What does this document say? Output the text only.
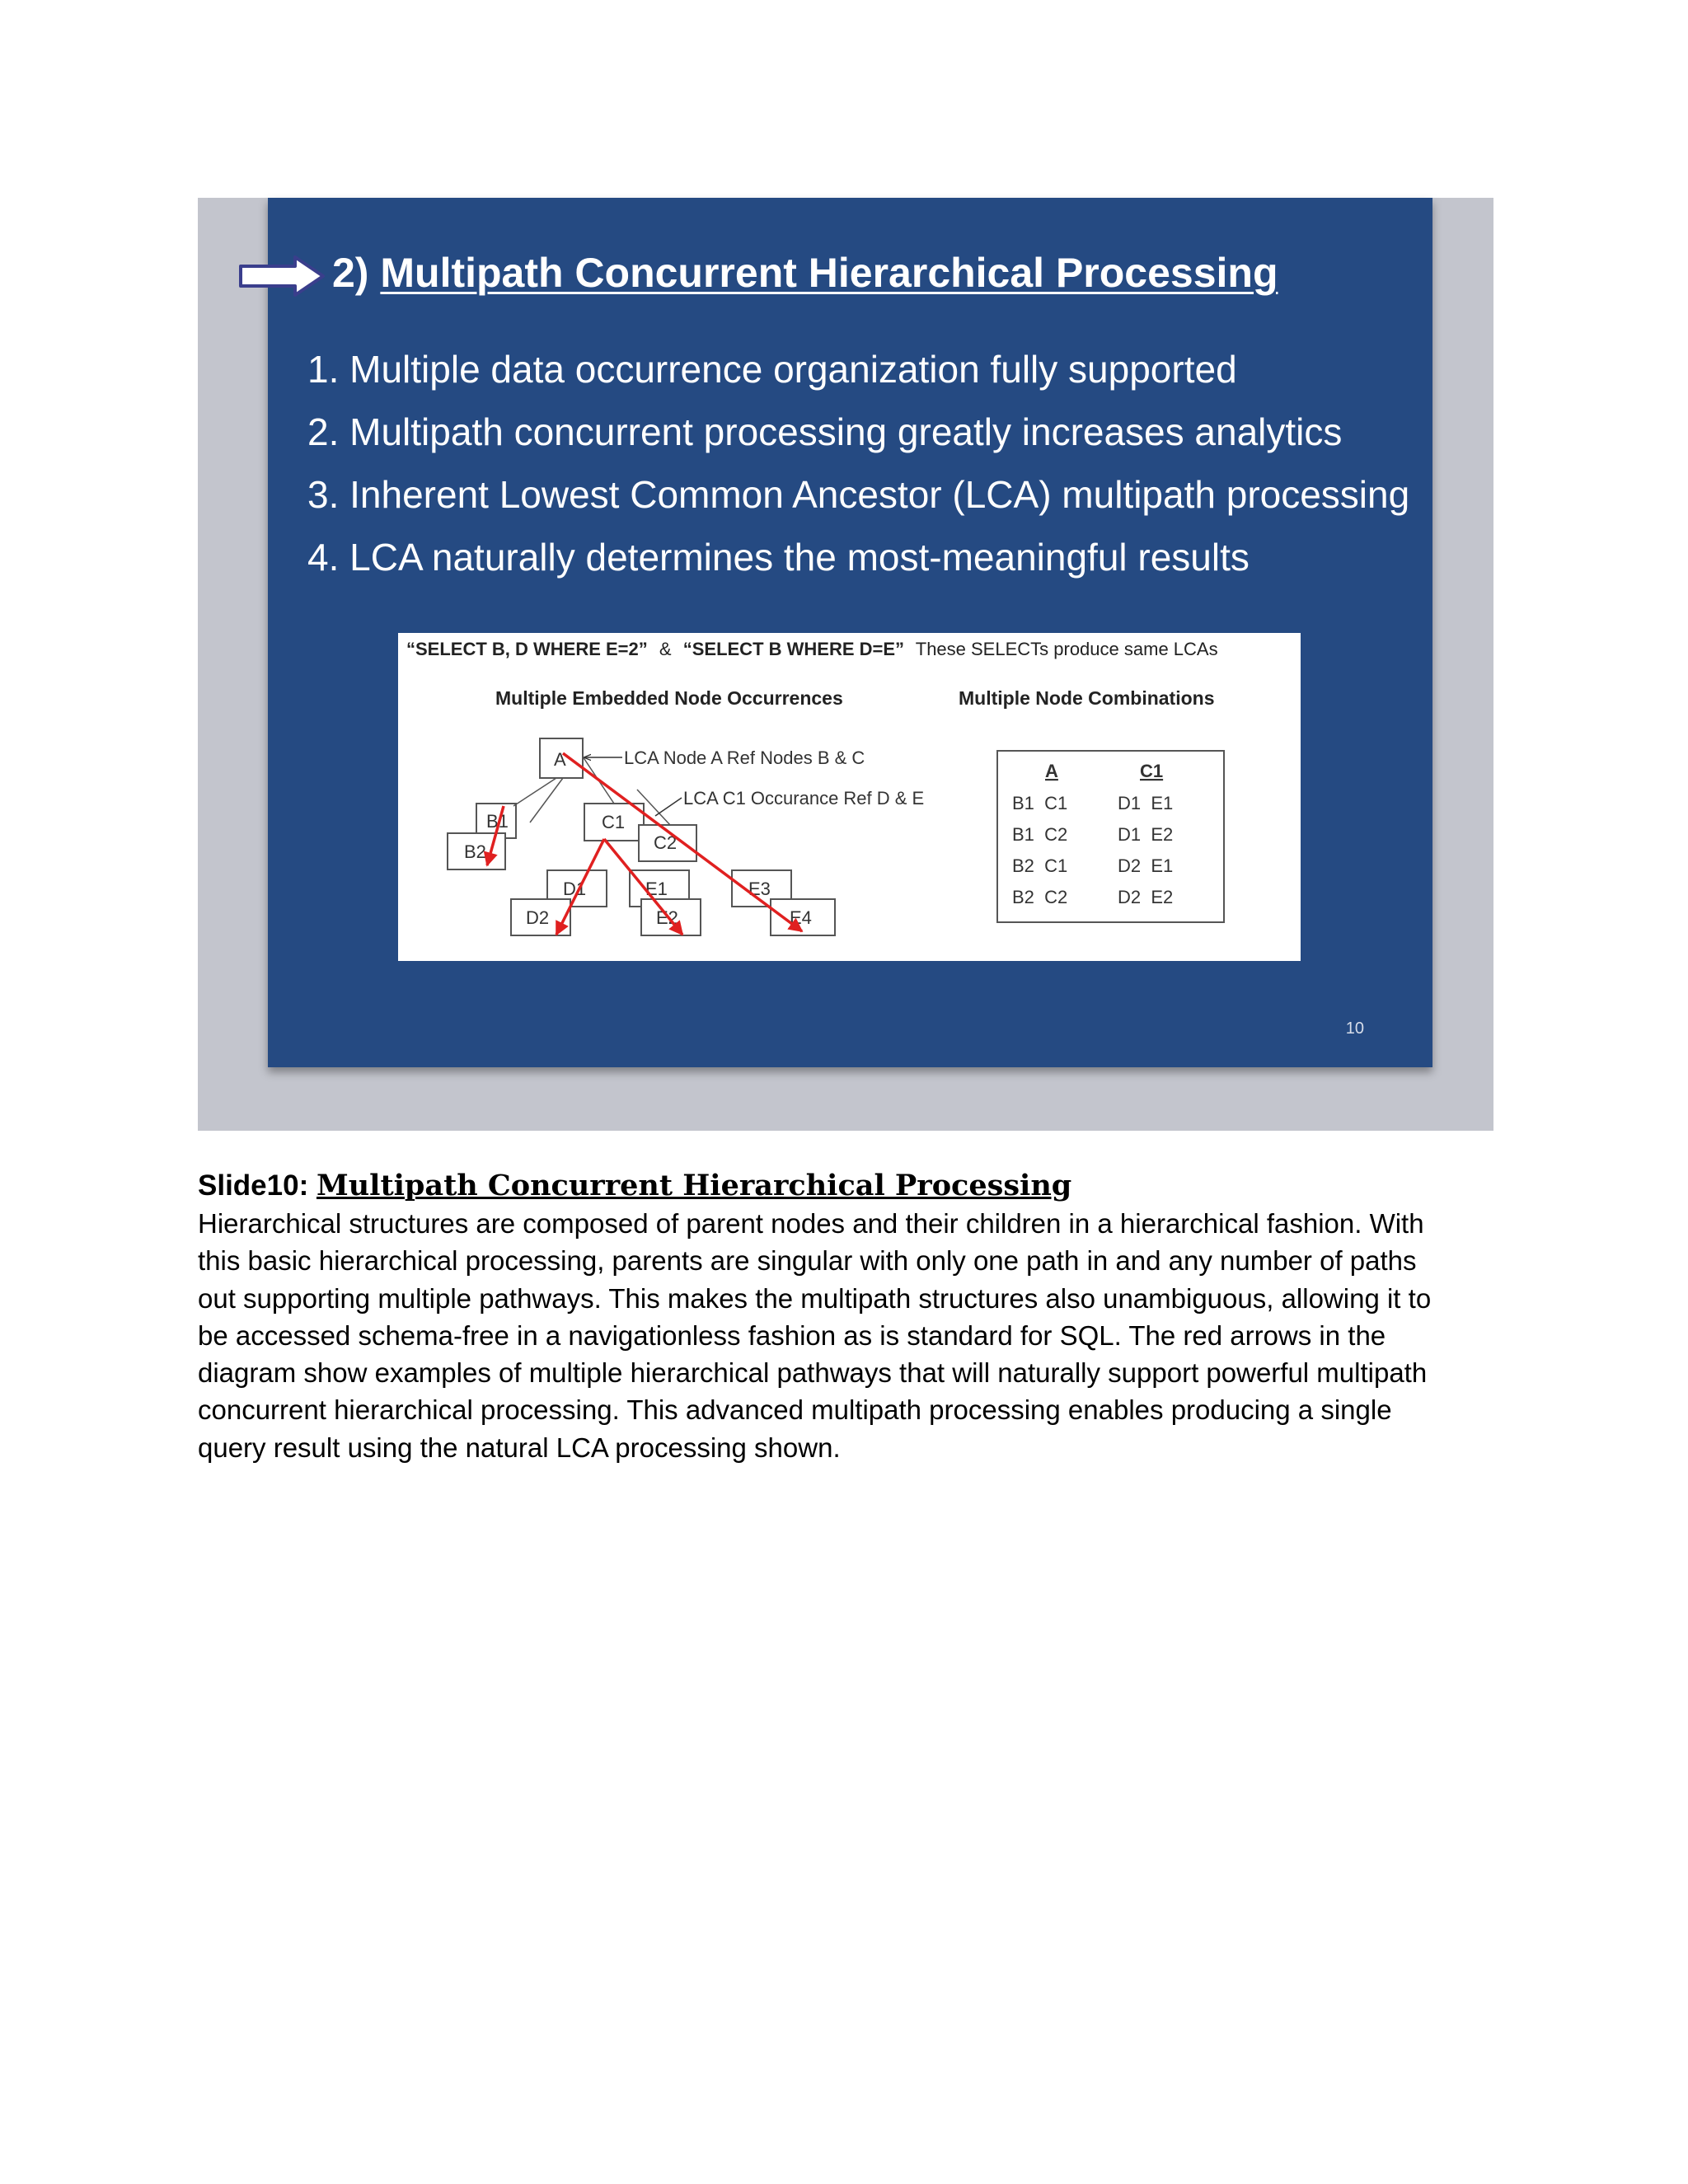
2) Multipath Concurrent Hierarchical Processing
1. Multiple data occurrence organization fully supported
2. Multipath concurrent processing greatly increases analytics
3. Inherent Lowest Common Ancestor (LCA) multipath processing
4. LCA naturally determines the most-meaningful results
“SELECT B, D WHERE E=2” & “SELECT B WHERE D=E” These SELECTs produce same LCAs
Multiple Embedded Node Occurrences	Multiple Node Combinations
A
B1
B2
C1
C2
D1
D2
E1
E2
E3
E4
LCA Node A Ref Nodes B & C
LCA C1 Occurance Ref D & E
A	C1
B1  C1	D1  E1
B1  C2	D1  E2
B2  C1	D2  E1
B2  C2	D2  E2
10
Slide10: Multipath Concurrent Hierarchical Processing
Hierarchical structures are composed of parent nodes and their children in a hierarchical fashion. With
this basic hierarchical processing, parents are singular with only one path in and any number of paths
out supporting multiple pathways. This makes the multipath structures also unambiguous, allowing it to
be accessed schema-free in a navigationless fashion as is standard for SQL. The red arrows in the
diagram show examples of multiple hierarchical pathways that will naturally support powerful multipath
concurrent hierarchical processing. This advanced multipath processing enables producing a single
query result using the natural LCA processing shown.
